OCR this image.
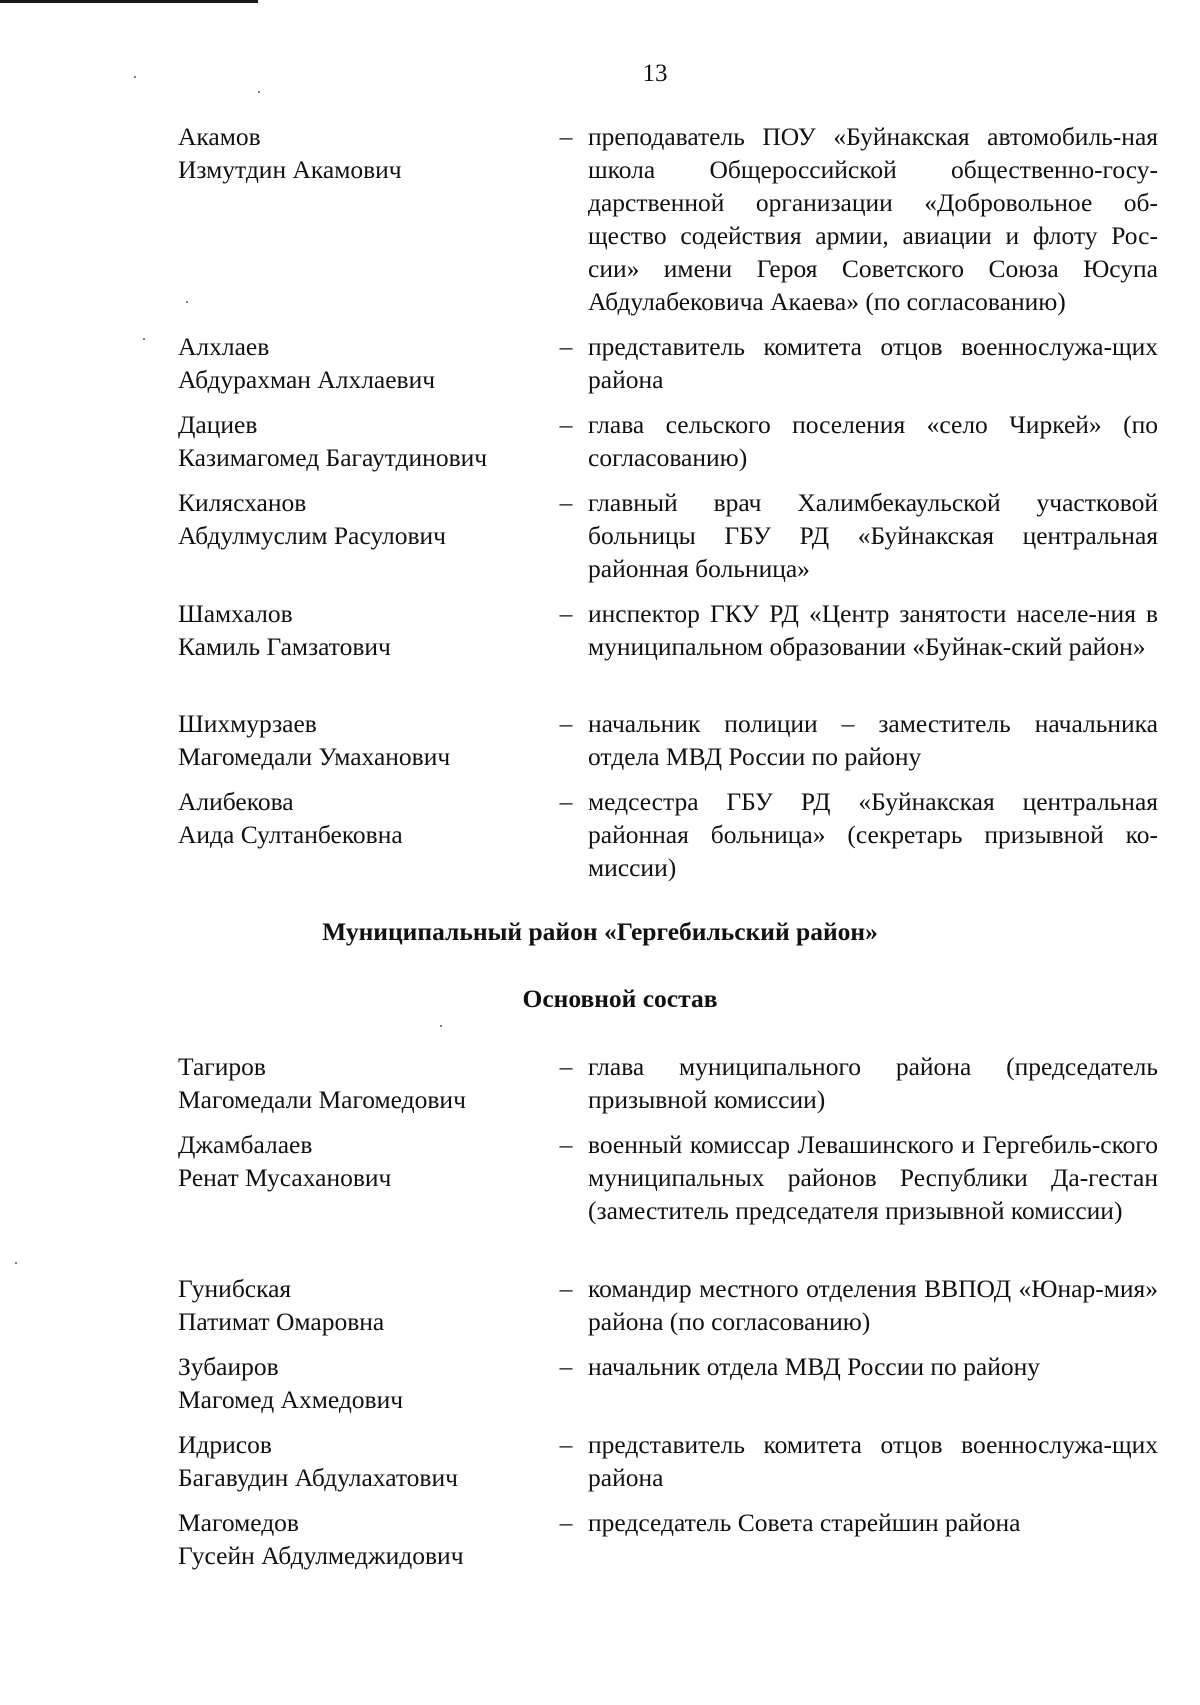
13
Акамов
Измутдин Акамович
– преподаватель ПОУ «Буйнакская автомобиль-ная школа Общероссийской общественно-госу-дарственной организации «Добровольное об-щество содействия армии, авиации и флоту Рос-сии» имени Героя Советского Союза Юсупа Абдулабековича Акаева» (по согласованию)
Алхлаев
Абдурахман Алхлаевич
– представитель комитета отцов военнослужа-щих района
Дациев
Казимагомед Багаутдинович
– глава сельского поселения «село Чиркей» (по согласованию)
Килясханов
Абдулмуслим Расулович
– главный врач Халимбекаульской участковой больницы ГБУ РД «Буйнакская центральная районная больница»
Шамхалов
Камиль Гамзатович
– инспектор ГКУ РД «Центр занятости населе-ния в муниципальном образовании «Буйнак-ский район»
Шихмурзаев
Магомедали Умаханович
– начальник полиции – заместитель начальника отдела МВД России по району
Алибекова
Аида Султанбековна
– медсестра ГБУ РД «Буйнакская центральная районная больница» (секретарь призывной ко-миссии)
Муниципальный район «Гергебильский район»
Основной состав
Тагиров
Магомедали Магомедович
– глава муниципального района (председатель призывной комиссии)
Джамбалаев
Ренат Мусаханович
– военный комиссар Левашинского и Гергебиль-ского муниципальных районов Республики Да-гестан (заместитель председателя призывной комиссии)
Гунибская
Патимат Омаровна
– командир местного отделения ВВПОД «Юнар-мия» района (по согласованию)
Зубаиров
Магомед Ахмедович
– начальник отдела МВД России по району
Идрисов
Багавудин Абдулахатович
– представитель комитета отцов военнослужа-щих района
Магомедов
Гусейн Абдулмеджидович
– председатель Совета старейшин района
